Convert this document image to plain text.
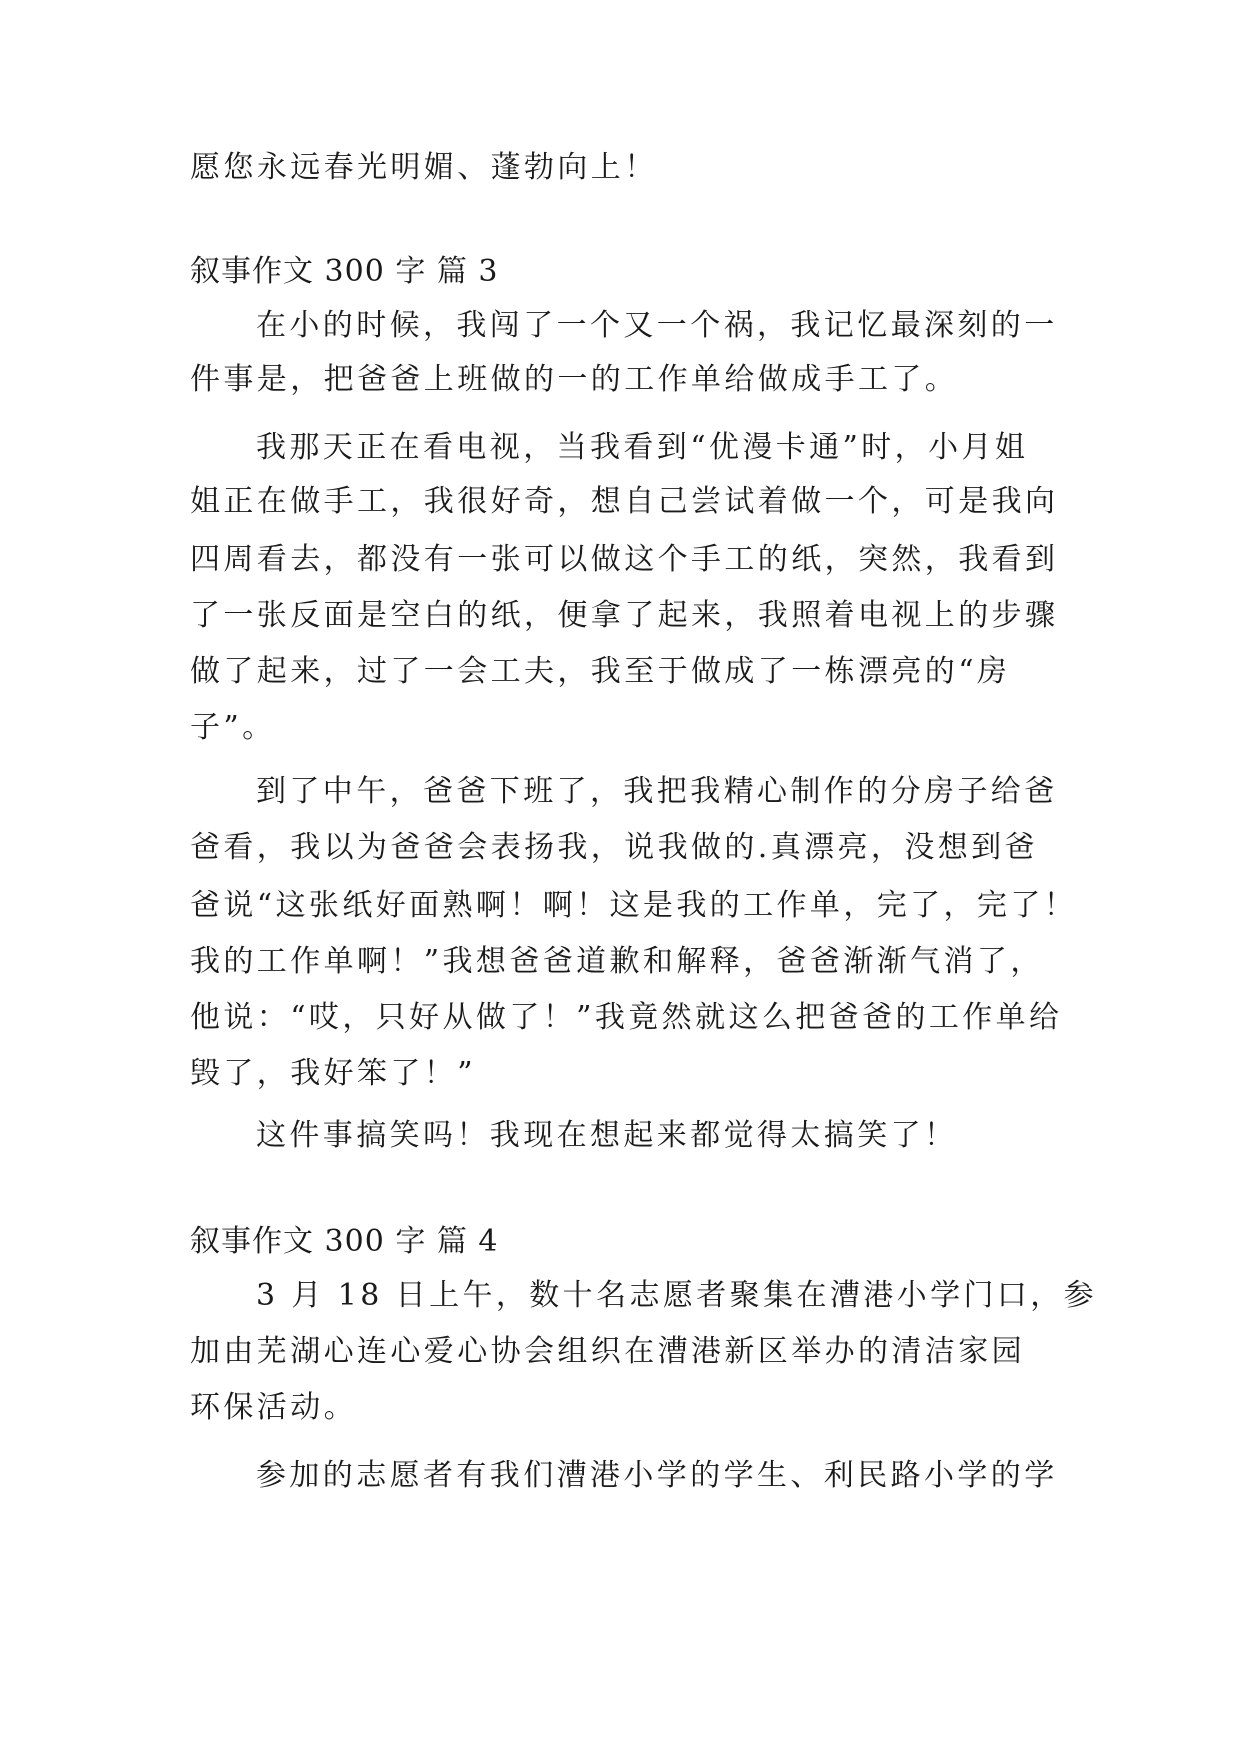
愿您永远春光明媚、蓬勃向上！
叙事作文 300 字 篇 3
在小的时候，我闯了一个又一个祸，我记忆最深刻的一
件事是，把爸爸上班做的一的工作单给做成手工了。
我那天正在看电视，当我看到“优漫卡通”时，小月姐
姐正在做手工，我很好奇，想自己尝试着做一个，可是我向
四周看去，都没有一张可以做这个手工的纸，突然，我看到
了一张反面是空白的纸，便拿了起来，我照着电视上的步骤
做了起来，过了一会工夫，我至于做成了一栋漂亮的“房
子”。
到了中午，爸爸下班了，我把我精心制作的分房子给爸
爸看，我以为爸爸会表扬我，说我做的.真漂亮，没想到爸
爸说“这张纸好面熟啊！啊！这是我的工作单，完了，完了！
我的工作单啊！”我想爸爸道歉和解释，爸爸渐渐气消了，
他说：“哎，只好从做了！”我竟然就这么把爸爸的工作单给
毁了，我好笨了！”
这件事搞笑吗！我现在想起来都觉得太搞笑了！
叙事作文 300 字 篇 4
3 月 18 日上午，数十名志愿者聚集在漕港小学门口，参
加由芜湖心连心爱心协会组织在漕港新区举办的清洁家园
环保活动。
参加的志愿者有我们漕港小学的学生、利民路小学的学
